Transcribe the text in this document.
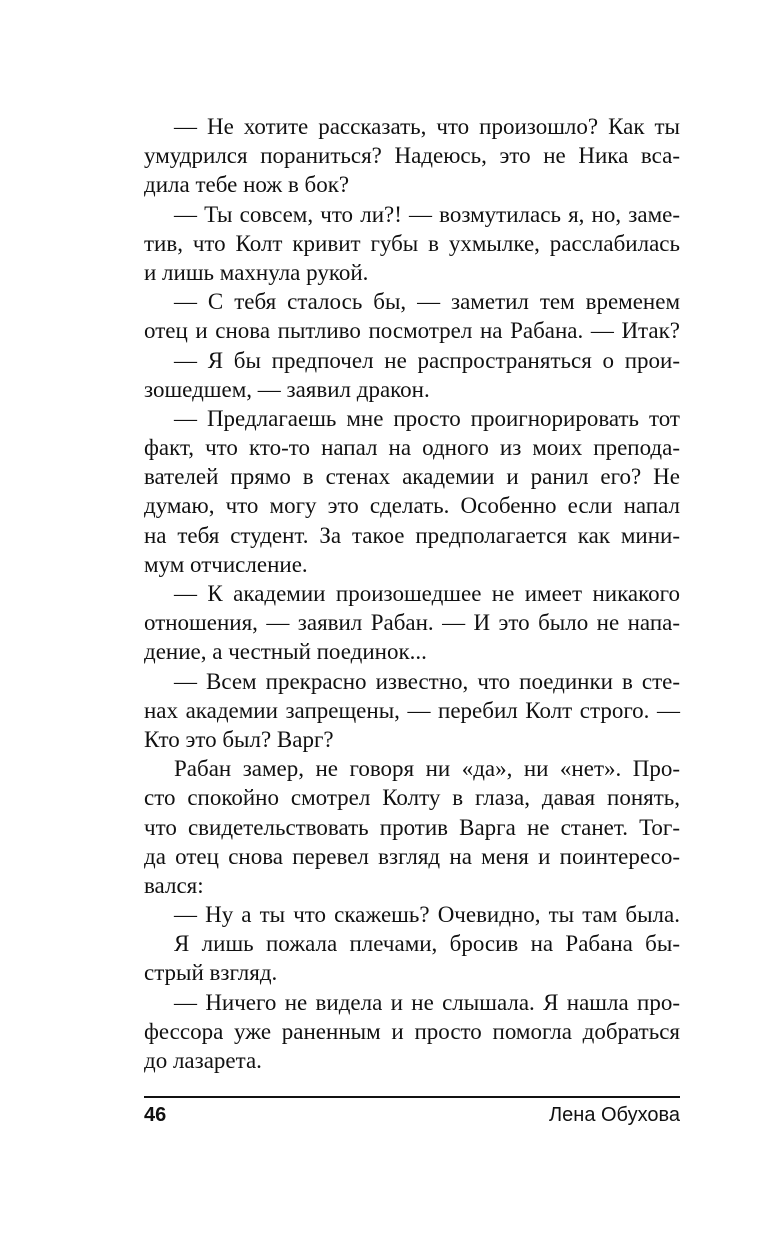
— Не хотите рассказать, что произошло? Как ты
умудрился пораниться? Надеюсь, это не Ника вса-
дила тебе нож в бок?
— Ты совсем, что ли?! — возмутилась я, но, заме-
тив, что Колт кривит губы в ухмылке, расслабилась
и лишь махнула рукой.
— С тебя сталось бы, — заметил тем временем
отец и снова пытливо посмотрел на Рабана. — Итак?
— Я бы предпочел не распространяться о прои-
зошедшем, — заявил дракон.
— Предлагаешь мне просто проигнорировать тот
факт, что кто-то напал на одного из моих препода-
вателей прямо в стенах академии и ранил его? Не
думаю, что могу это сделать. Особенно если напал
на тебя студент. За такое предполагается как мини-
мум отчисление.
— К академии произошедшее не имеет никакого
отношения, — заявил Рабан. — И это было не напа-
дение, а честный поединок...
— Всем прекрасно известно, что поединки в сте-
нах академии запрещены, — перебил Колт строго. —
Кто это был? Варг?
Рабан замер, не говоря ни «да», ни «нет». Про-
сто спокойно смотрел Колту в глаза, давая понять,
что свидетельствовать против Варга не станет. Тог-
да отец снова перевел взгляд на меня и поинтересо-
вался:
— Ну а ты что скажешь? Очевидно, ты там была.
Я лишь пожала плечами, бросив на Рабана бы-
стрый взгляд.
— Ничего не видела и не слышала. Я нашла про-
фессора уже раненным и просто помогла добраться
до лазарета.
46	Лена Обухова
